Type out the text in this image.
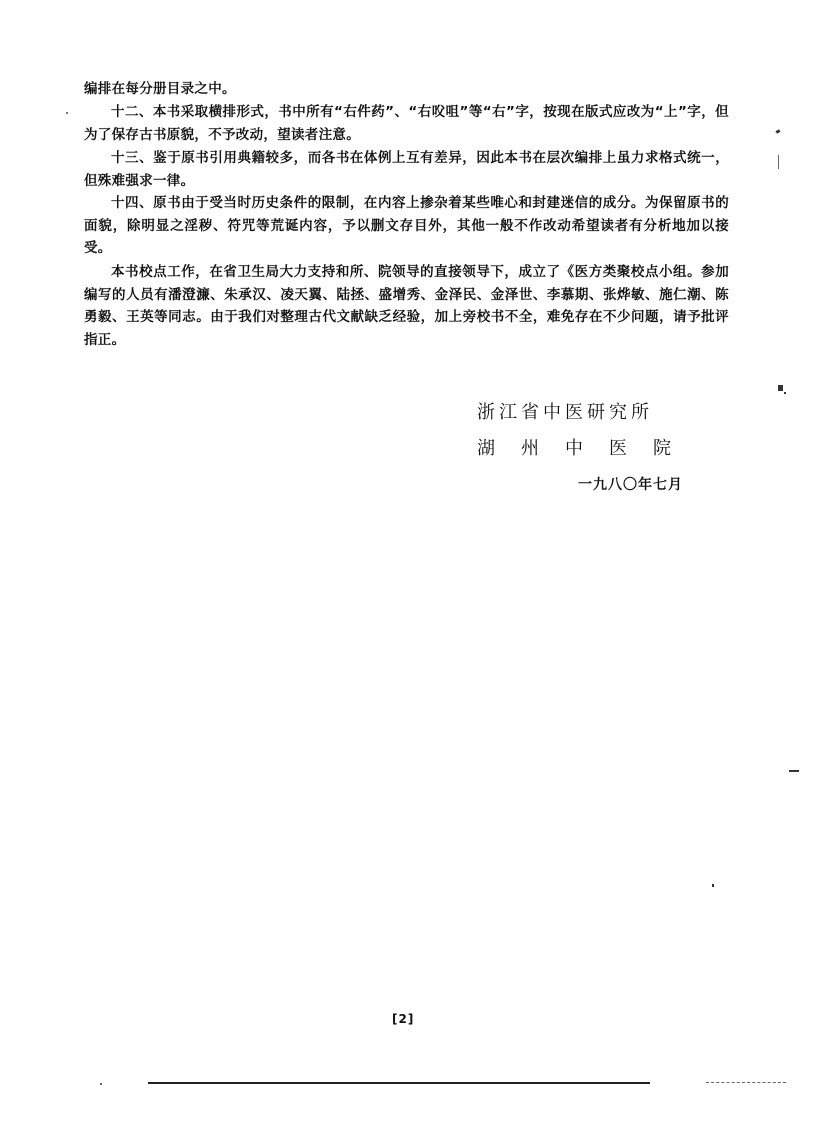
编排在每分册目录之中。

十二、本书采取横排形式，书中所有“右件药”、“右㕮咀”等“右”字，按现在版式应改为“上”字，但为了保存古书原貌，不予改动，望读者注意。

十三、鉴于原书引用典籍较多，而各书在体例上互有差异，因此本书在层次编排上虽力求格式统一，但殊难强求一律。

十四、原书由于受当时历史条件的限制，在内容上掺杂着某些唯心和封建迷信的成分。为保留原书的面貌，除明显之淫秽、符咒等荒诞内容，予以删文存目外，其他一般不作改动希望读者有分析地加以接受。

本书校点工作，在省卫生局大力支持和所、院领导的直接领导下，成立了《医方类聚校点小组。参加编写的人员有潘澄濂、朱承汉、凌天翼、陆拯、盛增秀、金泽民、金泽世、李慕期、张烨敏、施仁潮、陈勇毅、王英等同志。由于我们对整理古代文献缺乏经验，加上旁校书不全，难免存在不少问题，请予批评指正。

浙江省中医研究所
湖 州 中 医 院
一九八〇年七月
[2]
